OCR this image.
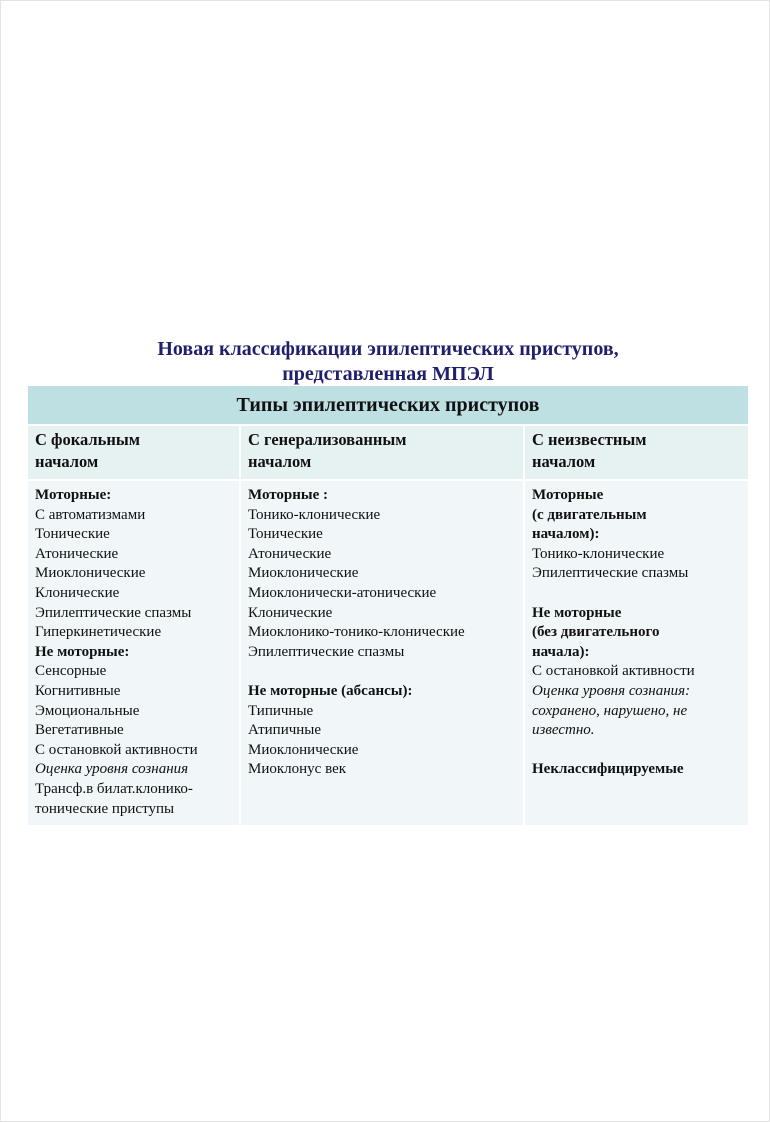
Новая классификации эпилептических приступов,
представленная МПЭЛ
Типы эпилептических приступов
С фокальным
началом
С генерализованным
началом
С неизвестным
началом
Моторные:
С автоматизмами
Тонические
Атонические
Миоклонические
Клонические
Эпилептические спазмы
Гиперкинетические
Не моторные:
Сенсорные
Когнитивные
Эмоциональные
Вегетативные
С остановкой активности
Оценка уровня сознания
Трансф.в билат.клонико-
тонические приступы
Моторные :
Тонико-клонические
Тонические
Атонические
Миоклонические
Миоклонически-атонические
Клонические
Миоклонико-тонико-клонические
Эпилептические спазмы
Не моторные (абсансы):
Типичные
Атипичные
Миоклонические
Миоклонус век
Моторные
(с двигательным
началом):
Тонико-клонические
Эпилептические спазмы
Не моторные
(без двигательного
начала):
С остановкой активности
Оценка уровня сознания:
сохранено, нарушено, не
известно.
Неклассифицируемые
